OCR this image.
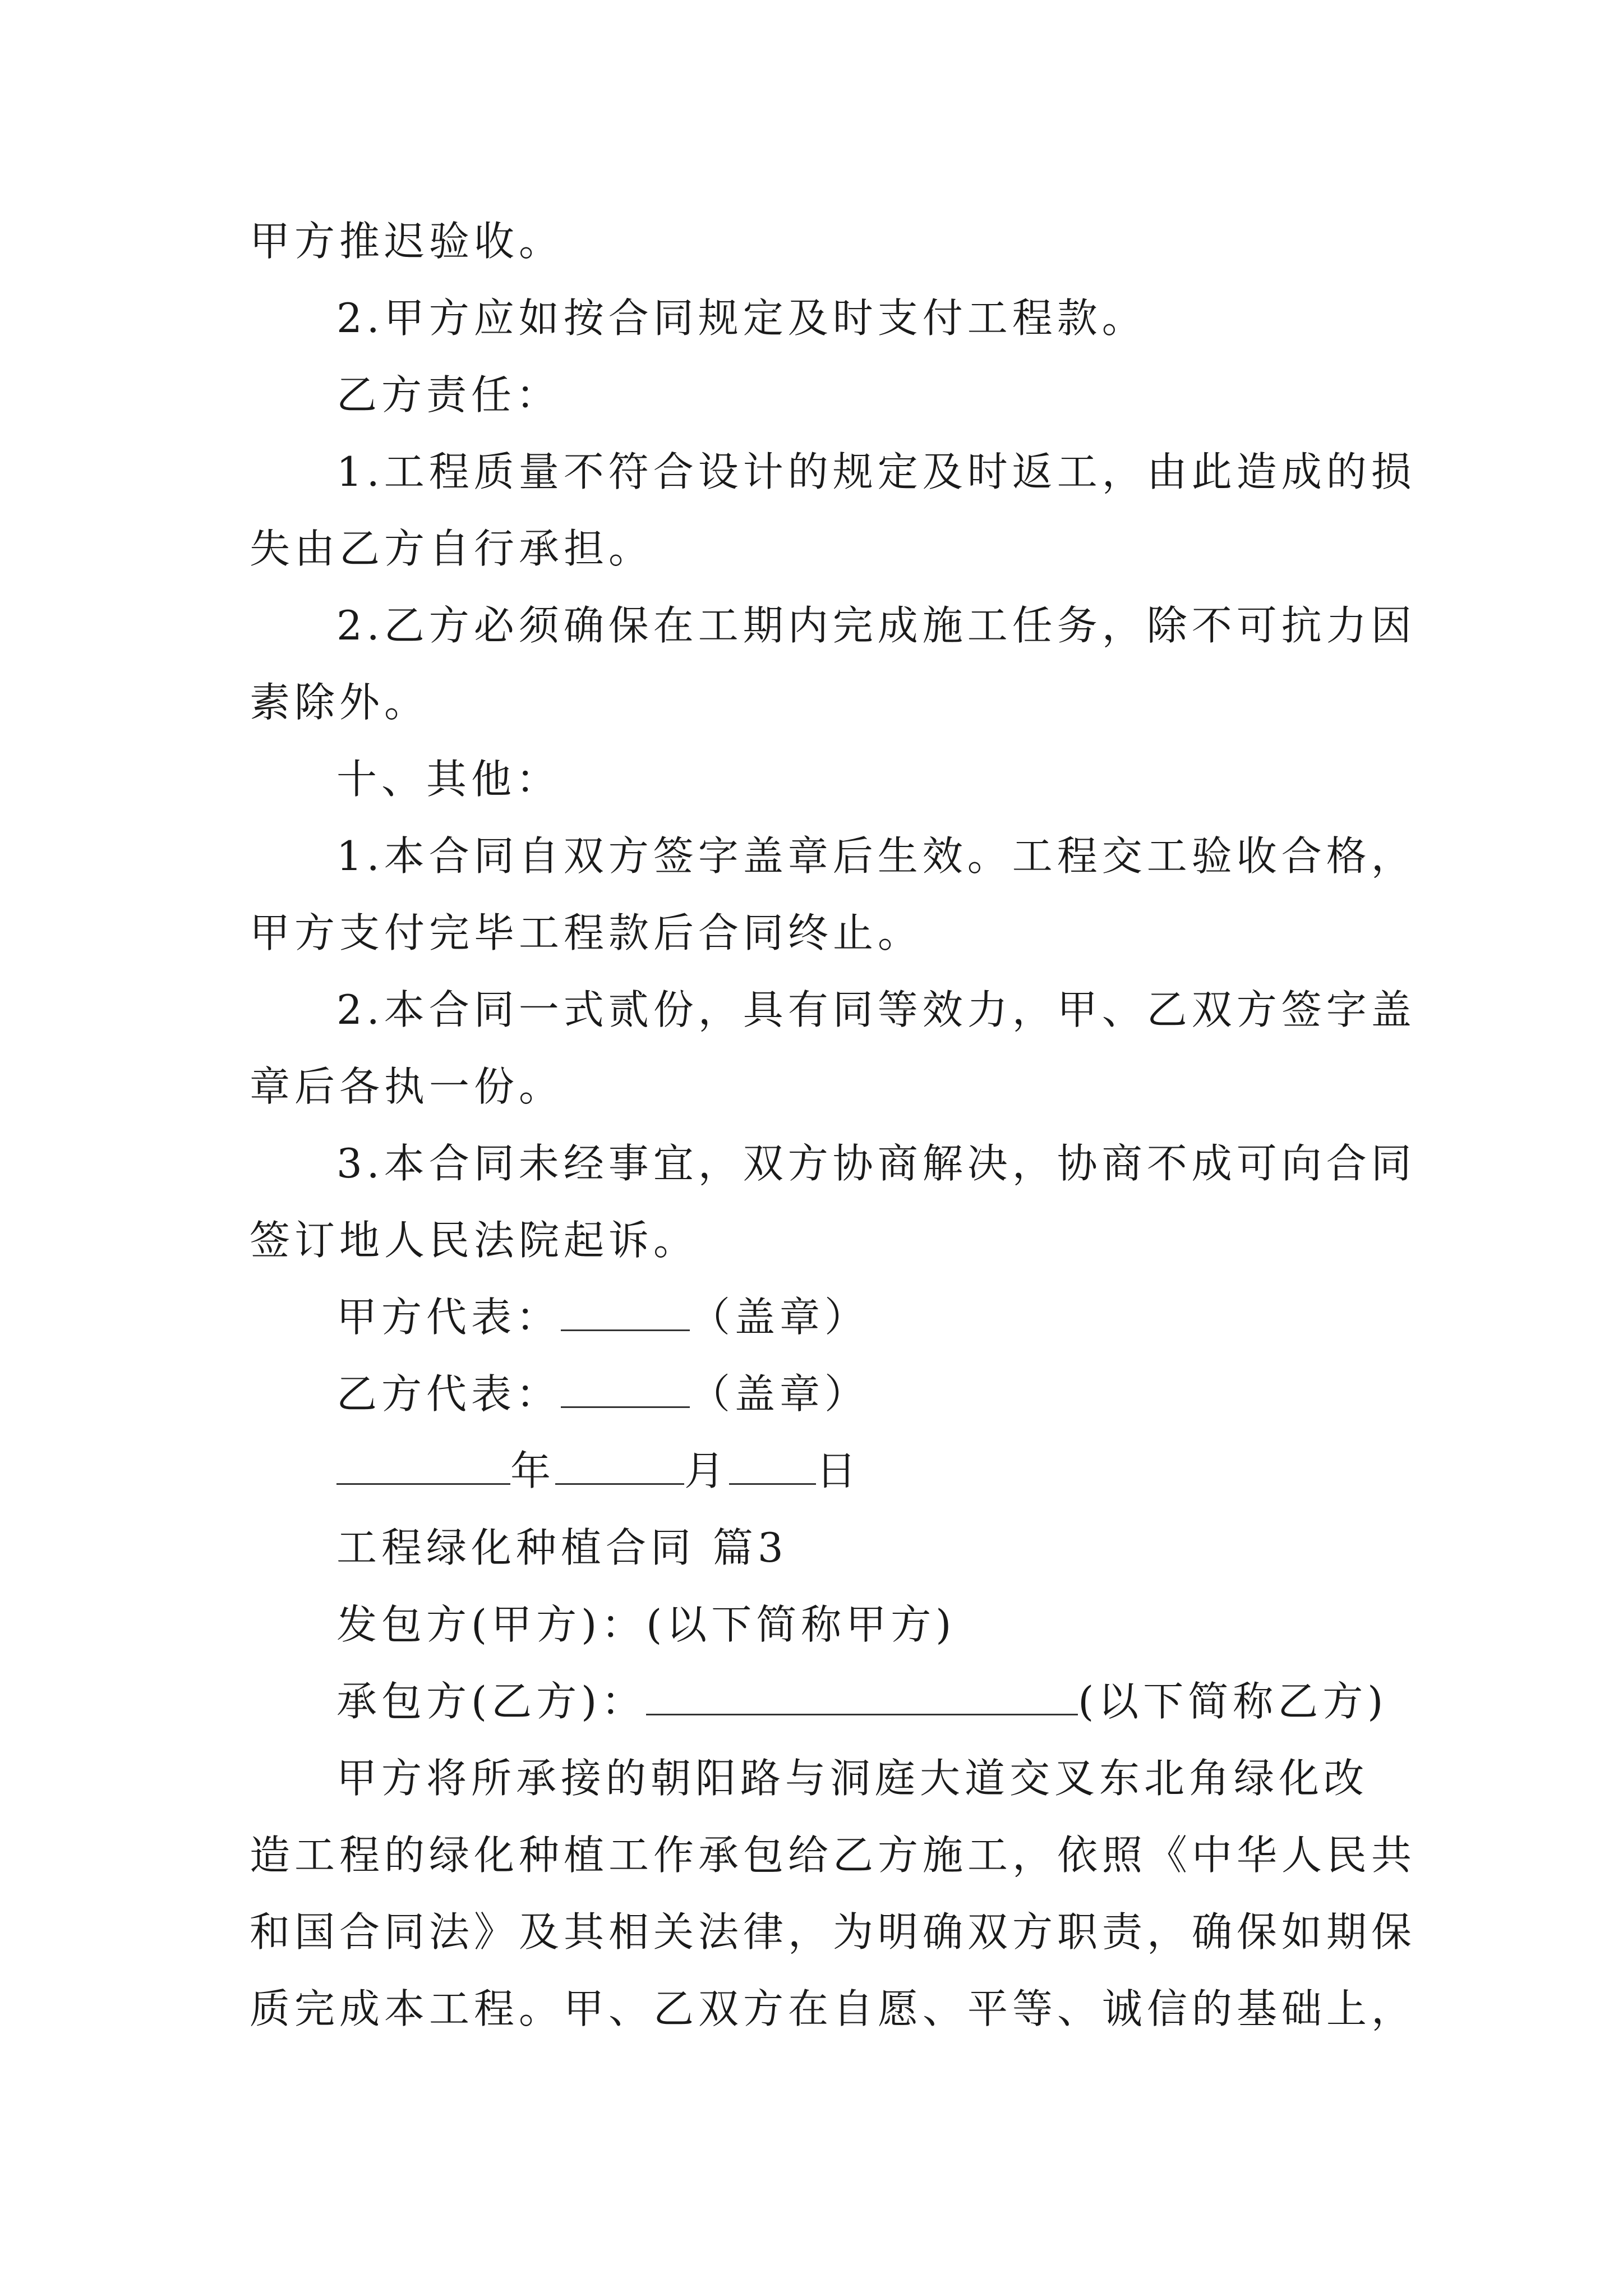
甲方推迟验收。
2.甲方应如按合同规定及时支付工程款。
乙方责任：
1.工程质量不符合设计的规定及时返工，由此造成的损
失由乙方自行承担。
2.乙方必须确保在工期内完成施工任务，除不可抗力因
素除外。
十、其他：
1.本合同自双方签字盖章后生效。工程交工验收合格，
甲方支付完毕工程款后合同终止。
2.本合同一式贰份，具有同等效力，甲、乙双方签字盖
章后各执一份。
3.本合同未经事宜，双方协商解决，协商不成可向合同
签订地人民法院起诉。
甲方代表：	（盖章）
乙方代表：	（盖章）
年	月 日
工程绿化种植合同 篇3
发包方(甲方)：(以下简称甲方)
承包方(乙方)：	(以下简称乙方)
甲方将所承接的朝阳路与洞庭大道交叉东北角绿化改
造工程的绿化种植工作承包给乙方施工，依照《中华人民共
和国合同法》及其相关法律，为明确双方职责，确保如期保
质完成本工程。甲、乙双方在自愿、平等、诚信的基础上，
